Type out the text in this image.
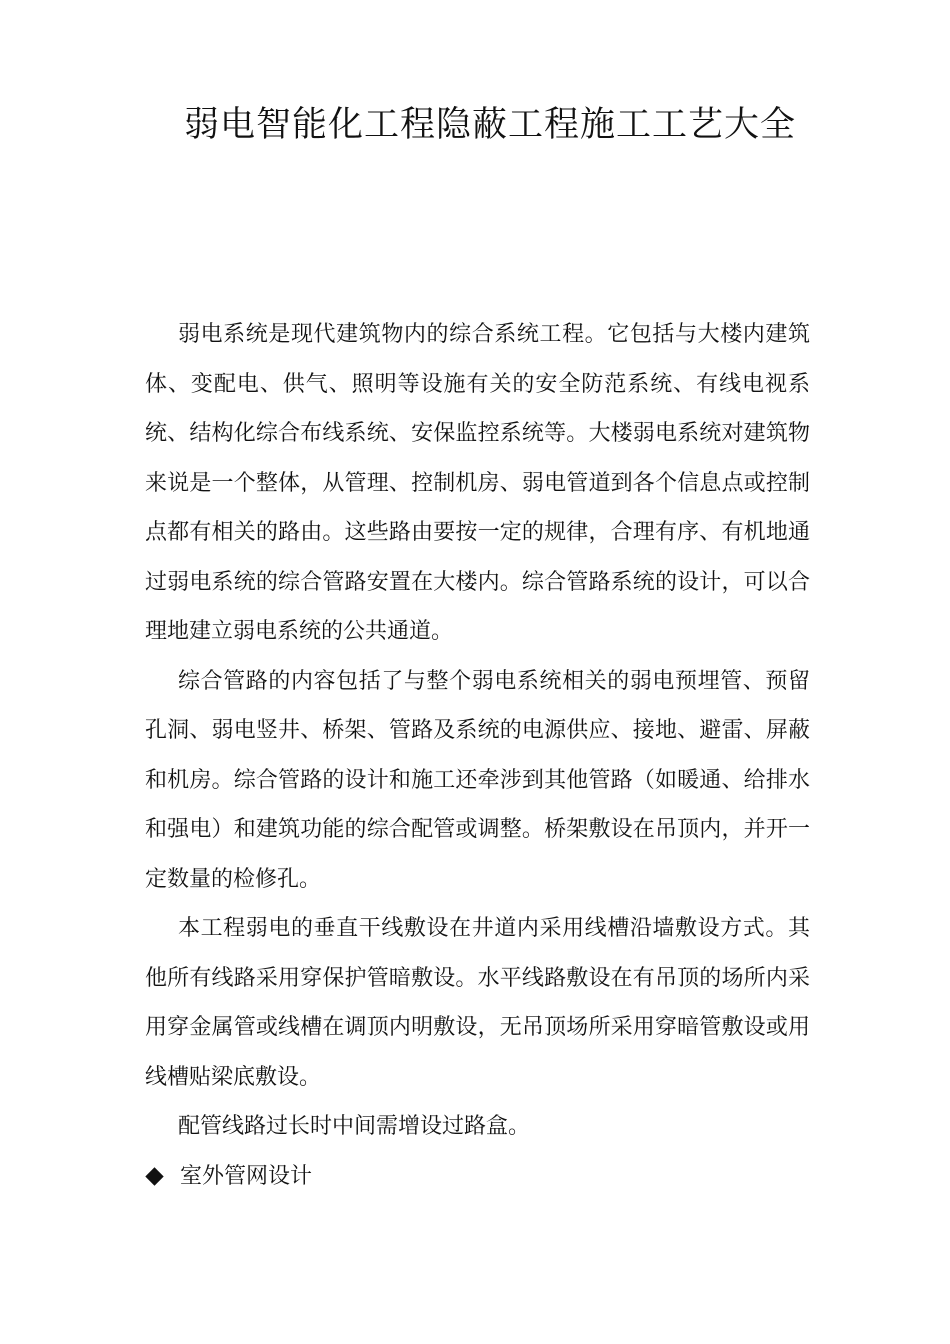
弱电智能化工程隐蔽工程施工工艺大全

弱电系统是现代建筑物内的综合系统工程。它包括与大楼内建筑体、变配电、供气、照明等设施有关的安全防范系统、有线电视系统、结构化综合布线系统、安保监控系统等。大楼弱电系统对建筑物来说是一个整体，从管理、控制机房、弱电管道到各个信息点或控制点都有相关的路由。这些路由要按一定的规律，合理有序、有机地通过弱电系统的综合管路安置在大楼内。综合管路系统的设计，可以合理地建立弱电系统的公共通道。

综合管路的内容包括了与整个弱电系统相关的弱电预埋管、预留孔洞、弱电竖井、桥架、管路及系统的电源供应、接地、避雷、屏蔽和机房。综合管路的设计和施工还牵涉到其他管路（如暖通、给排水和强电）和建筑功能的综合配管或调整。桥架敷设在吊顶内，并开一定数量的检修孔。

本工程弱电的垂直干线敷设在井道内采用线槽沿墙敷设方式。其他所有线路采用穿保护管暗敷设。水平线路敷设在有吊顶的场所内采用穿金属管或线槽在调顶内明敷设，无吊顶场所采用穿暗管敷设或用线槽贴梁底敷设。

配管线路过长时中间需增设过路盒。

室外管网设计
